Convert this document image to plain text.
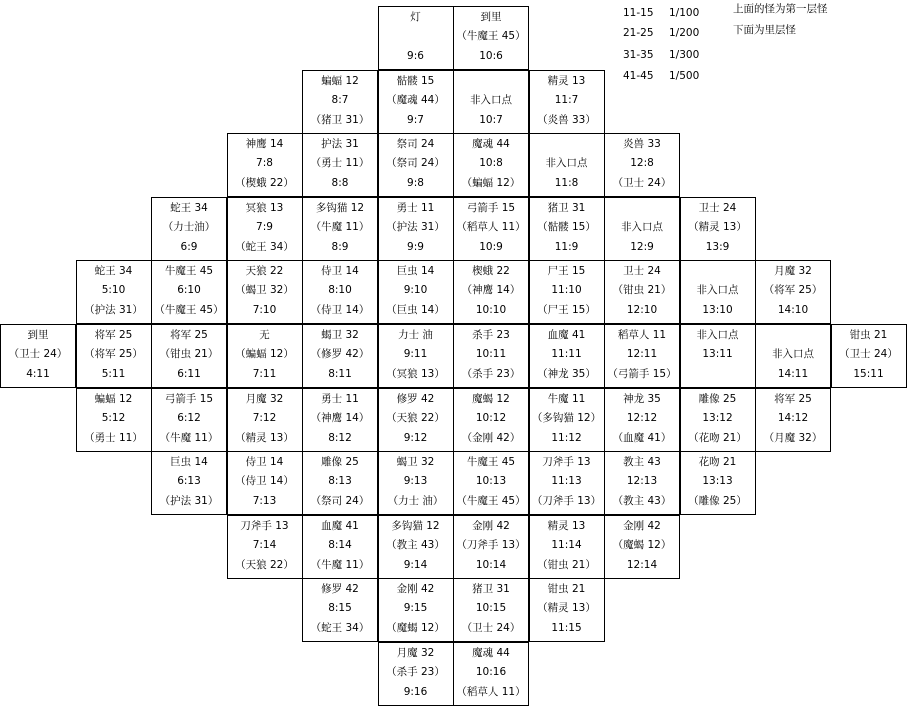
灯
9:6
到里
（牛魔王 45）
10:6
蝙蝠 12
8:7
（猪卫 31）
骷髅 15
（魔魂 44）
9:7
非入口点
10:7
精灵 13
11:7
（炎兽 33）
神鹰 14
7:8
（楔蛾 22）
护法 31
（勇士 11）
8:8
祭司 24
（祭司 24）
9:8
魔魂 44
10:8
（蝙蝠 12）
非入口点
11:8
炎兽 33
12:8
（卫士 24）
蛇王 34
（力士油）
6:9
冥狼 13
7:9
（蛇王 34）
多钩猫 12
（牛魔 11）
8:9
勇士 11
（护法 31）
9:9
弓箭手 15
（稻草人 11）
10:9
猪卫 31
（骷髅 15）
11:9
非入口点
12:9
卫士 24
（精灵 13）
13:9
蛇王 34
5:10
（护法 31）
牛魔王 45
6:10
（牛魔王 45）
天狼 22
（蝎卫 32）
7:10
侍卫 14
8:10
（侍卫 14）
巨虫 14
9:10
（巨虫 14）
楔蛾 22
（神鹰 14）
10:10
尸王 15
11:10
（尸王 15）
卫士 24
（钳虫 21）
12:10
非入口点
13:10
月魔 32
（将军 25）
14:10
到里
（卫士 24）
4:11
将军 25
（将军 25）
5:11
将军 25
（钳虫 21）
6:11
无
（蝙蝠 12）
7:11
蝎卫 32
（修罗 42）
8:11
力士 油
9:11
（冥狼 13）
杀手 23
10:11
（杀手 23）
血魔 41
11:11
（神龙 35）
稻草人 11
12:11
（弓箭手 15）
非入口点
13:11	非入口点
14:11
钳虫 21
（卫士 24）
15:11
蝙蝠 12
5:12
（勇士 11）
弓箭手 15
6:12
（牛魔 11）
月魔 32
7:12
（精灵 13）
勇士 11
（神鹰 14）
8:12
修罗 42
（天狼 22）
9:12
魔蝎 12
10:12
（金刚 42）
牛魔 11
（多钩猫 12）
11:12
神龙 35
12:12
（血魔 41）
雕像 25
13:12
（花吻 21）
将军 25
14:12
（月魔 32）
巨虫 14
6:13
（护法 31）
侍卫 14
（侍卫 14）
7:13
雕像 25
8:13
（祭司 24）
蝎卫 32
9:13
（力士 油）
牛魔王 45
10:13
（牛魔王 45）
刀斧手 13
11:13
（刀斧手 13）
教主 43
12:13
（教主 43）
花吻 21
13:13
（雕像 25）
刀斧手 13
7:14
（天狼 22）
血魔 41
8:14
（牛魔 11）
多钩猫 12
（教主 43）
9:14
金刚 42
（刀斧手 13）
10:14
精灵 13
11:14
（钳虫 21）
金刚 42
（魔蝎 12）
12:14
修罗 42
8:15
（蛇王 34）
金刚 42
9:15
（魔蝎 12）
猪卫 31
10:15
（卫士 24）
钳虫 21
（精灵 13）
11:15
月魔 32
（杀手 23）
9:16
魔魂 44
10:16
（稻草人 11）
11-15 1/100
21-25 1/200
31-35 1/300
41-45 1/500
上面的怪为第一层怪
下面为里层怪
